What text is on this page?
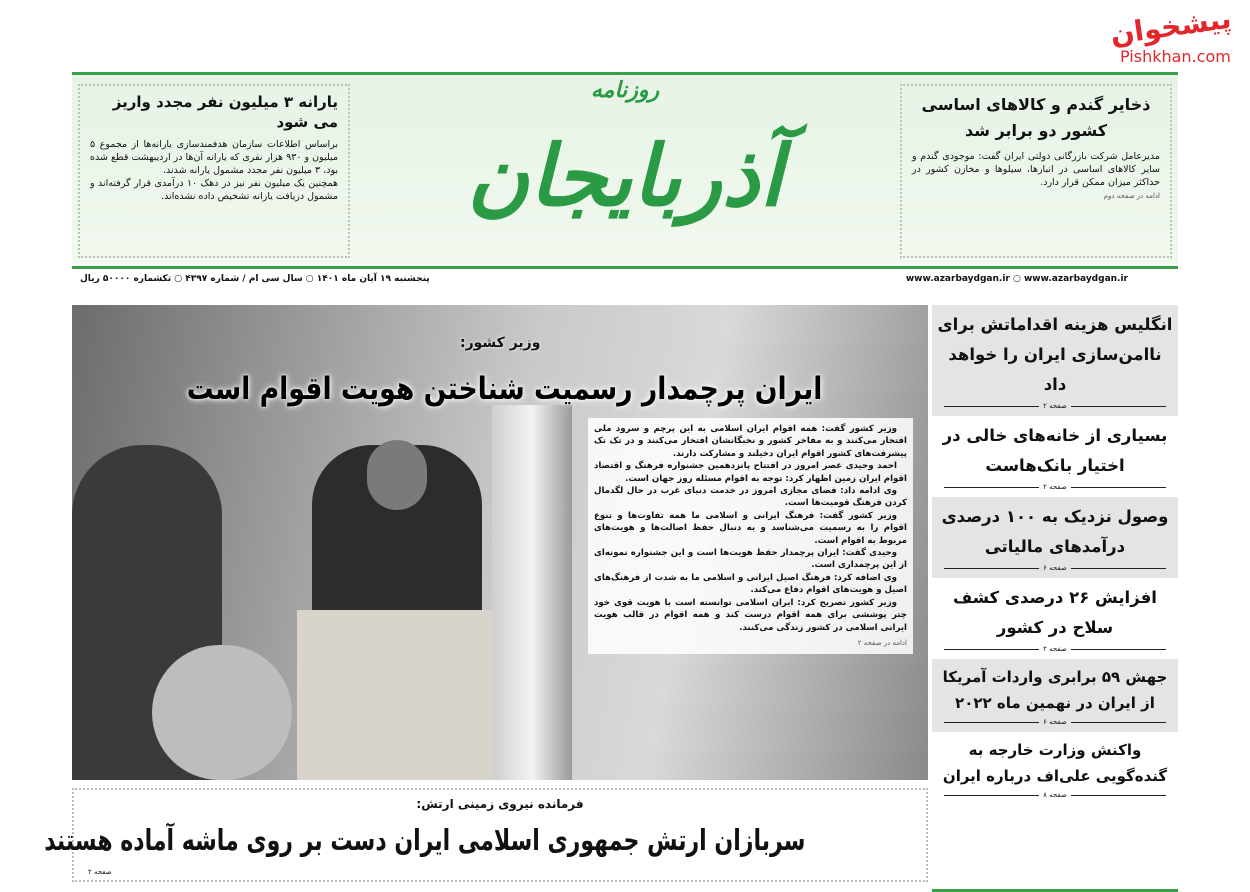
یارانه ۳ میلیون نفر مجدد واریز می شود

براساس اطلاعات سازمان هدفمندسازی یارانه‌ها از مجموع ۵ میلیون و ۹۳۰ هزار نفری که یارانه آن‌ها در اردیبهشت قطع شده بود، ۳ میلیون نفر مجدد مشمول یارانه شدند.

همچنین یک میلیون نفر نیز در دهک ۱۰ درآمدی قرار گرفته‌اند و مشمول دریافت یارانه تشخیص داده نشده‌اند.

روزنامه
آذربایجان
ذخایر گندم و کالاهای اساسی کشور دو برابر شد

مدیرعامل شرکت بازرگانی دولتی ایران گفت: موجودی گندم و سایر کالاهای اساسی در انبارها، سیلوها و مخازن کشور در حداکثر میزان ممکن قرار دارد.

ادامه در صفحه دوم
پیشخوان
Pishkhan.com
پنجشنبه ۱۹ آبان ماه ۱۴۰۱ ○ سال سی ام / شماره ۴۳۹۷ ○ تکشماره ۵۰۰۰۰ ریال	www.azarbaydgan.ir ○ www.azarbaydgan.ir
وزیر کشور:
ایران پرچمدار رسمیت شناختن هویت اقوام است

وزیر کشور گفت: همه اقوام ایران اسلامی به این پرچم و سرود ملی افتخار می‌کنند و به مفاخر کشور و نخبگانشان افتخار می‌کنند و در تک تک پیشرفت‌های کشور اقوام ایران دخیلند و مشارکت دارند.

احمد وحیدی عصر امروز در افتتاح پانزدهمین جشنواره فرهنگ و اقتصاد اقوام ایران زمین اظهار کرد: توجه به اقوام مسئله روز جهان است.

وی ادامه داد: فضای مجازی امروز در خدمت دنیای غرب در حال لگدمال کردن فرهنگ قومیت‌ها است.

وزیر کشور گفت: فرهنگ ایرانی و اسلامی ما همه تفاوت‌ها و تنوع اقوام را به رسمیت می‌شناسد و به دنبال حفظ اصالت‌ها و هویت‌های مربوط به اقوام است.

وحیدی گفت: ایران پرچمدار حفظ هویت‌ها است و این جشنواره نمونه‌ای از این پرچمداری است.

وی اضافه کرد: فرهنگ اصیل ایرانی و اسلامی ما به شدت از فرهنگ‌های اصیل و هویت‌های اقوام دفاع می‌کند.

وزیر کشور تصریح کرد: ایران اسلامی توانسته است با هویت قوی خود چتر پوششی برای همه اقوام درست کند و همه اقوام در قالب هویت ایرانی اسلامی در کشور زندگی می‌کنند.

ادامه در صفحه ۲
فرمانده نیروی زمینی ارتش:
سربازان ارتش جمهوری اسلامی ایران دست بر روی ماشه آماده هستند
صفحه ۲
انگلیس هزینه اقداماتش برای ناامن‌سازی ایران را خواهد داد
صفحه ۲
بسیاری از خانه‌های خالی در اختیار بانک‌هاست
صفحه ۲
وصول نزدیک به ۱۰۰ درصدی درآمدهای مالیاتی
صفحه ۶
افزایش ۲۶ درصدی کشف سلاح در کشور
صفحه ۲
جهش ۵۹ برابری واردات آمریکا از ایران در نهمین ماه ۲۰۲۲
صفحه ۶
واکنش وزارت خارجه به گنده‌گویی علی‌اف درباره ایران
صفحه ۸
